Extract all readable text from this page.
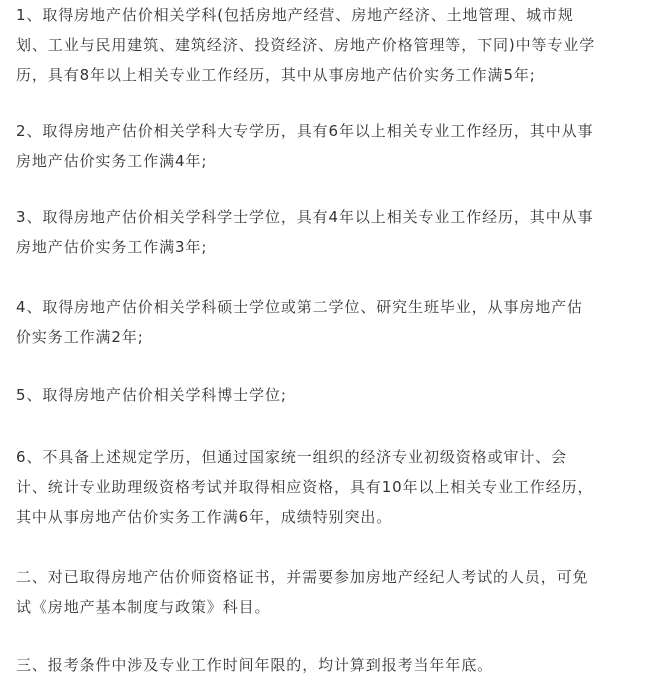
1、取得房地产估价相关学科(包括房地产经营、房地产经济、土地管理、城市规
划、工业与民用建筑、建筑经济、投资经济、房地产价格管理等，下同)中等专业学
历，具有8年以上相关专业工作经历，其中从事房地产估价实务工作满5年;

2、取得房地产估价相关学科大专学历，具有6年以上相关专业工作经历，其中从事
房地产估价实务工作满4年;

3、取得房地产估价相关学科学士学位，具有4年以上相关专业工作经历，其中从事
房地产估价实务工作满3年;

4、取得房地产估价相关学科硕士学位或第二学位、研究生班毕业，从事房地产估
价实务工作满2年;

5、取得房地产估价相关学科博士学位;

6、不具备上述规定学历，但通过国家统一组织的经济专业初级资格或审计、会
计、统计专业助理级资格考试并取得相应资格，具有10年以上相关专业工作经历，
其中从事房地产估价实务工作满6年，成绩特别突出。

二、对已取得房地产估价师资格证书，并需要参加房地产经纪人考试的人员，可免
试《房地产基本制度与政策》科目。

三、报考条件中涉及专业工作时间年限的，均计算到报考当年年底。
